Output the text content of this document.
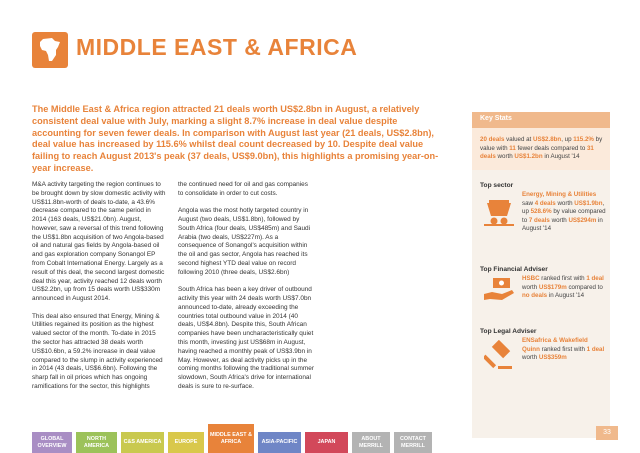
MIDDLE EAST & AFRICA
The Middle East & Africa region attracted 21 deals worth US$2.8bn in August, a relatively consistent deal value with July, marking a slight 8.7% increase in deal value despite accounting for seven fewer deals. In comparison with August last year (21 deals, US$2.8bn), deal value has increased by 115.6% whilst deal count decreased by 10. Despite deal value failing to reach August 2013's peak (37 deals, US$9.0bn), this highlights a promising year-on-year increase.

M&A activity targeting the region continues to be brought down by slow domestic activity with US$11.8bn-worth of deals to-date, a 43.6% decrease compared to the same period in 2014 (163 deals, US$21.0bn). August, however, saw a reversal of this trend following the US$1.8bn acquisition of two Angola-based oil and natural gas fields by Angola-based oil and gas exploration company Sonangol EP from Cobalt International Energy. Largely as a result of this deal, the second largest domestic deal this year, activity reached 12 deals worth US$2.2bn, up from 15 deals worth US$330m announced in August 2014.

This deal also ensured that Energy, Mining & Utilities regained its position as the highest valued sector of the month. To-date in 2015 the sector has attracted 38 deals worth US$10.6bn, a 59.2% increase in deal value compared to the slump in activity experienced in 2014 (43 deals, US$6.6bn). Following the sharp fall in oil prices which has ongoing ramifications for the sector, this highlights

the continued need for oil and gas companies to consolidate in order to cut costs.

Angola was the most hotly targeted country in August (two deals, US$1.8bn), followed by South Africa (four deals, US$485m) and Saudi Arabia (two deals, US$227m). As a consequence of Sonangol's acquisition within the oil and gas sector, Angola has reached its second highest YTD deal value on record following 2010 (three deals, US$2.6bn)

South Africa has been a key driver of outbound activity this year with 24 deals worth US$7.0bn announced to-date, already exceeding the countries total outbound value in 2014 (40 deals, US$4.8bn). Despite this, South African companies have been uncharacteristically quiet this month, investing just US$68m in August, having reached a monthly peak of US$3.9bn in May. However, as deal activity picks up in the coming months following the traditional summer slowdown, South Africa's drive for international deals is sure to re-surface.

Key Stats
20 deals valued at US$2.8bn, up 115.2% by value with 11 fewer deals compared to 31 deals worth US$1.2bn in August '14
Top sector
Energy, Mining & Utilities saw 4 deals worth US$1.9bn, up 528.6% by value compared to 7 deals worth US$294m in August '14
Top Financial Adviser
HSBC ranked first with 1 deal worth US$179m compared to no deals in August '14
Top Legal Adviser
ENSafrica & Wakefield Quinn ranked first with 1 deal worth US$359m
GLOBAL OVERVIEW
NORTH AMERICA
C&S AMERICA EUROPE
MIDDLE EAST & AFRICA	ASIA-PACIFIC	JAPAN
ABOUT MERRILL
CONTACT MERRILL
33
